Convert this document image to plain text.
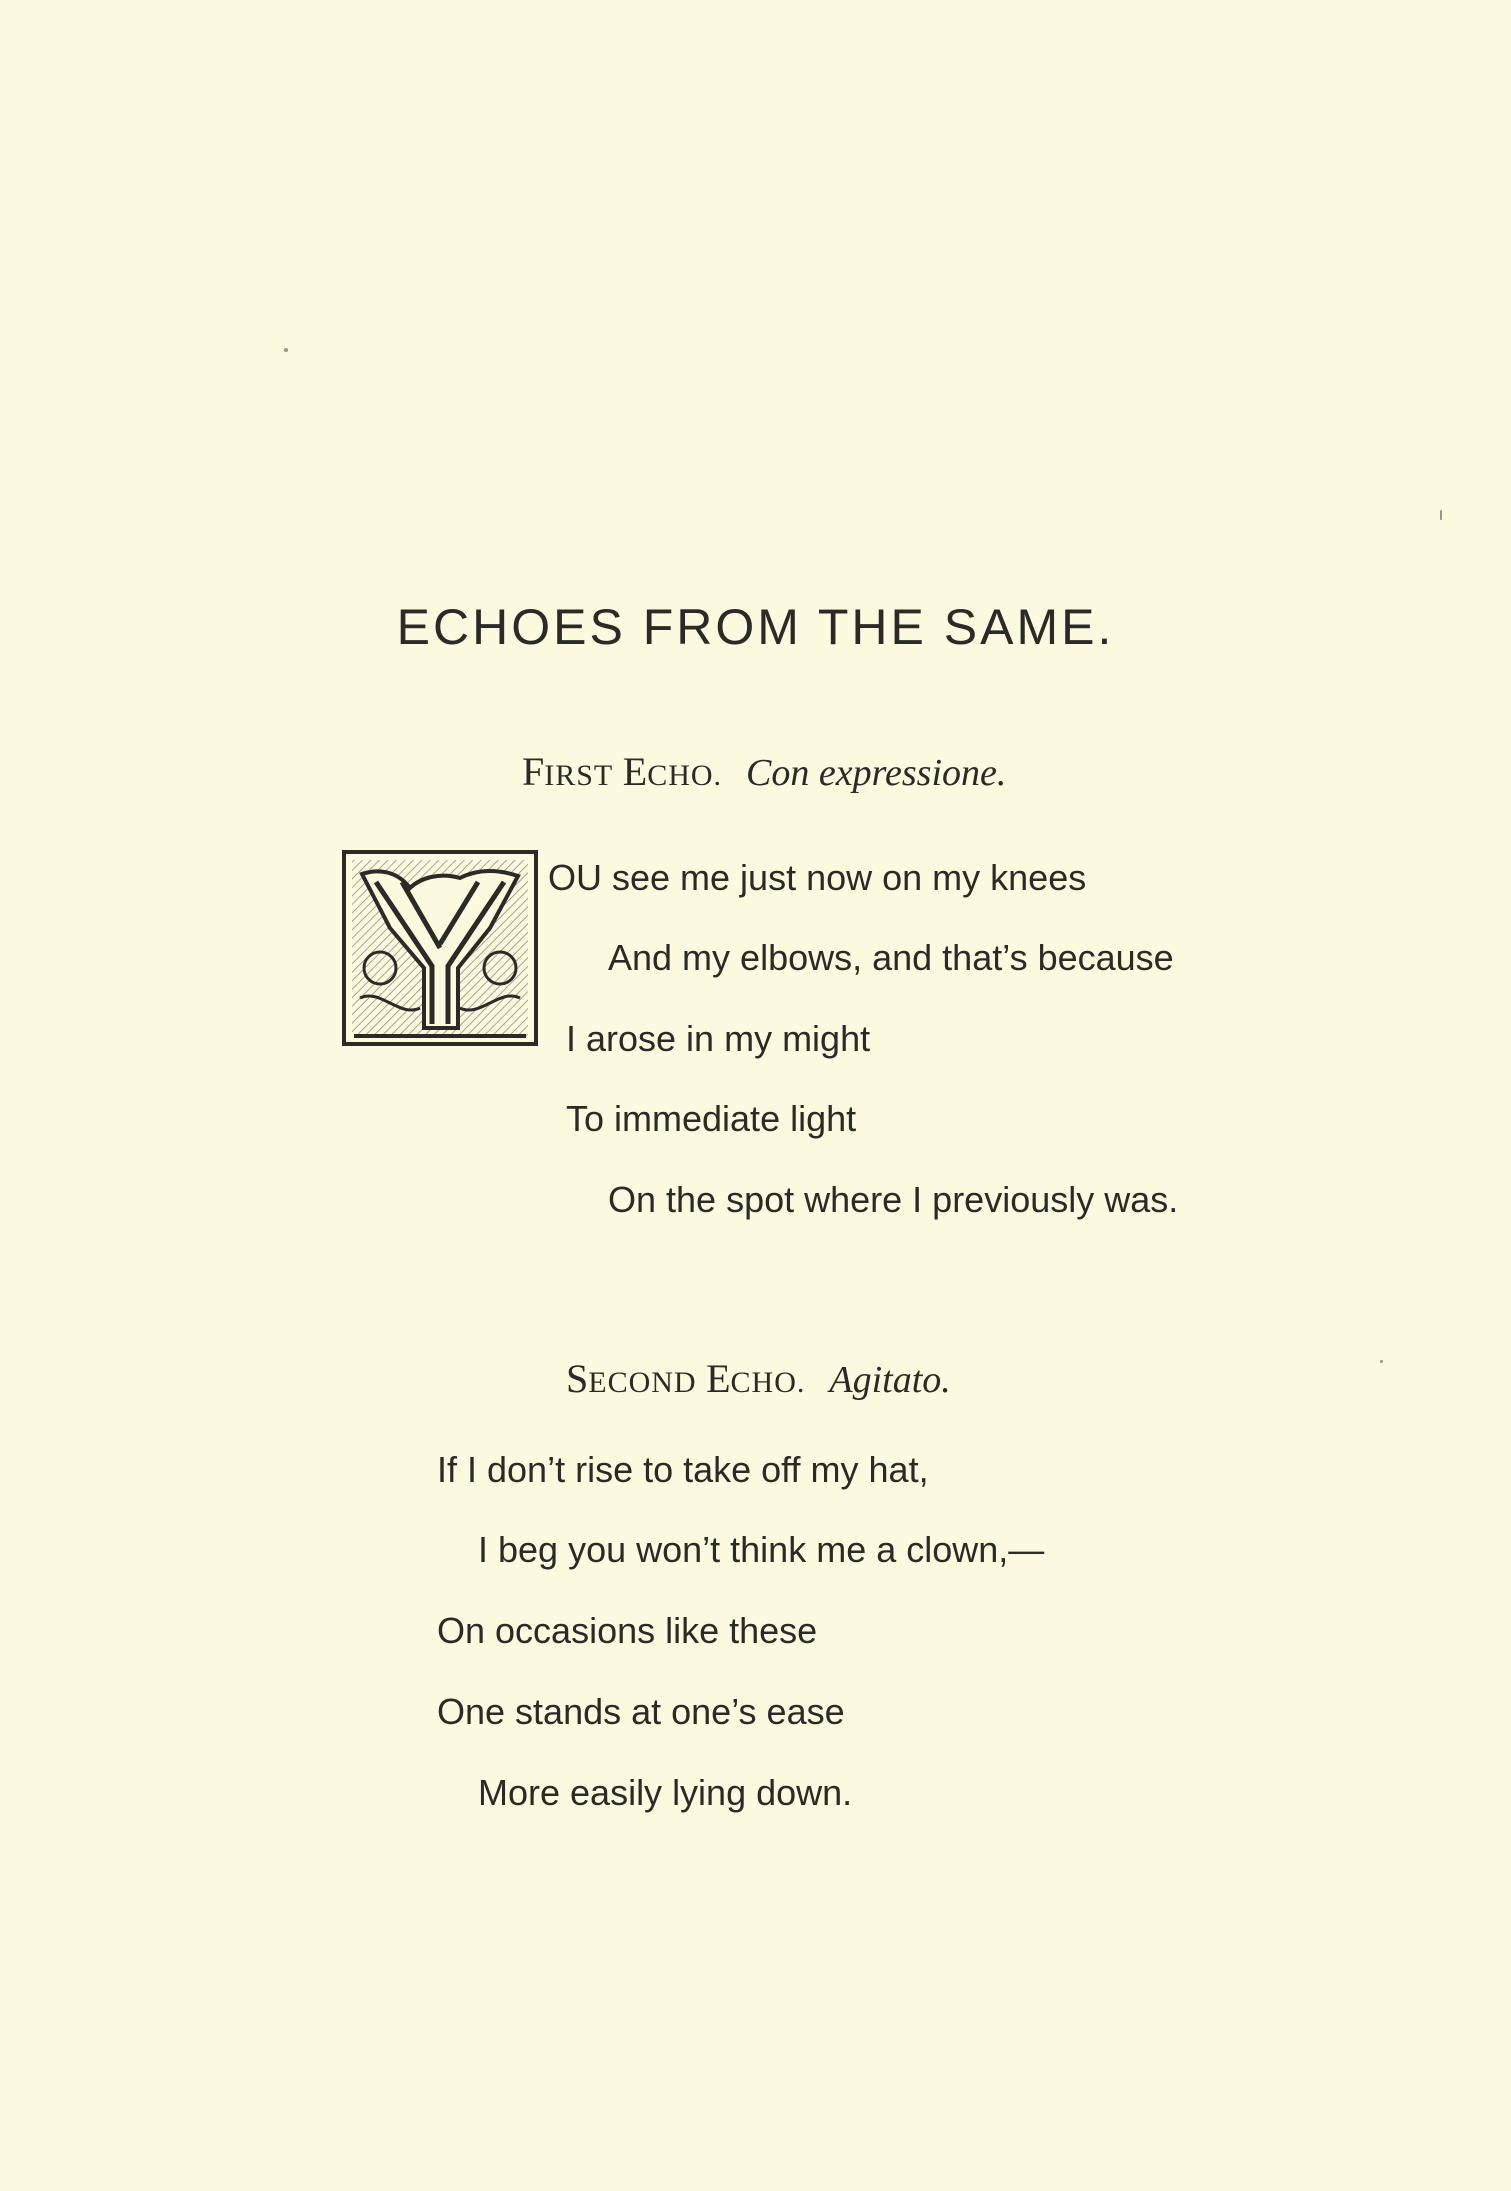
ECHOES FROM THE SAME.
FIRST ECHO. Con expressione.
OU see me just now on my knees
And my elbows, and that’s because
I arose in my might
To immediate light
On the spot where I previously was.
SECOND ECHO. Agitato.
If I don’t rise to take off my hat,
I beg you won’t think me a clown,—
On occasions like these
One stands at one’s ease
More easily lying down.
